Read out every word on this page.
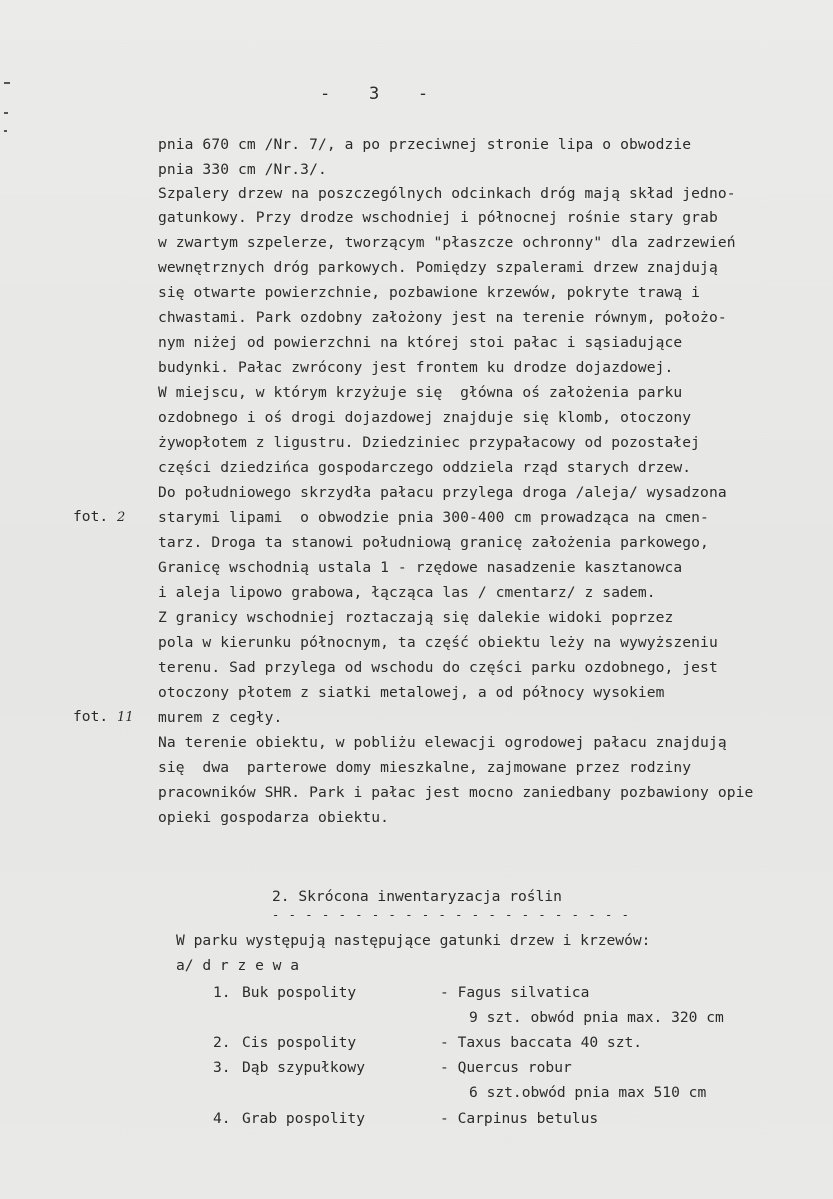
-   3   -
pnia 670 cm /Nr. 7/, a po przeciwnej stronie lipa o obwodzie
pnia 330 cm /Nr.3/.
Szpalery drzew na poszczególnych odcinkach dróg mają skład jedno-
gatunkowy. Przy drodze wschodniej i północnej rośnie stary grab
w zwartym szpelerze, tworzącym "płaszcze ochronny" dla zadrzewień
wewnętrznych dróg parkowych. Pomiędzy szpalerami drzew znajdują
się otwarte powierzchnie, pozbawione krzewów, pokryte trawą i
chwastami. Park ozdobny założony jest na terenie równym, położo-
nym niżej od powierzchni na której stoi pałac i sąsiadujące
budynki. Pałac zwrócony jest frontem ku drodze dojazdowej.
W miejscu, w którym krzyżuje się  główna oś założenia parku
ozdobnego i oś drogi dojazdowej znajduje się klomb, otoczony
żywopłotem z ligustru. Dziedziniec przypałacowy od pozostałej
części dziedzińca gospodarczego oddziela rząd starych drzew.
Do południowego skrzydła pałacu przylega droga /aleja/ wysadzona
starymi lipami  o obwodzie pnia 300-400 cm prowadząca na cmen-
tarz. Droga ta stanowi południową granicę założenia parkowego,
Granicę wschodnią ustala 1 - rzędowe nasadzenie kasztanowca
i aleja lipowo grabowa, łącząca las / cmentarz/ z sadem.
Z granicy wschodniej roztaczają się dalekie widoki poprzez
pola w kierunku północnym, ta część obiektu leży na wywyższeniu
terenu. Sad przylega od wschodu do części parku ozdobnego, jest
otoczony płotem z siatki metalowej, a od północy wysokiem
murem z cegły.
Na terenie obiektu, w pobliżu elewacji ogrodowej pałacu znajdują
się  dwa  parterowe domy mieszkalne, zajmowane przez rodziny
pracowników SHR. Park i pałac jest mocno zaniedbany pozbawiony opie
opieki gospodarza obiektu.
fot. 2
fot. 11
2. Skrócona inwentaryzacja roślin
- - - - - - - - - - - - - - - - - - - - - -
W parku występują następujące gatunki drzew i krzewów:
a/ d r z e w a
1. Buk pospolity	- Fagus silvatica
9 szt. obwód pnia max. 320 cm
2. Cis pospolity	- Taxus baccata 40 szt.
3. Dąb szypułkowy	- Quercus robur
6 szt.obwód pnia max 510 cm
4. Grab pospolity	- Carpinus betulus
